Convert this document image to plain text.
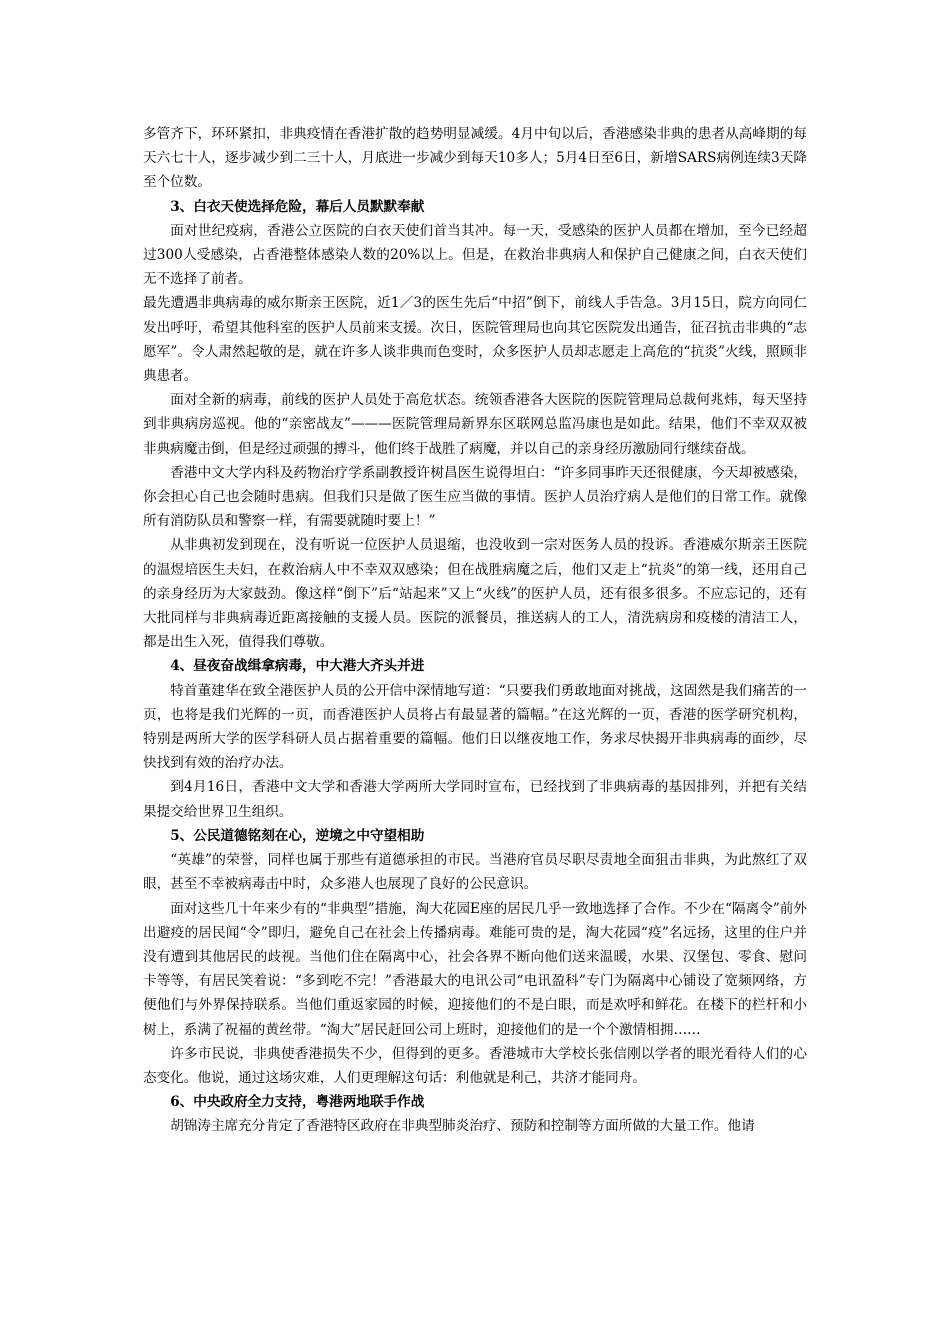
多管齐下，环环紧扣，非典疫情在香港扩散的趋势明显减缓。4月中旬以后，香港感染非典的患者从高峰期的每天六七十人，逐步减少到二三十人，月底进一步减少到每天10多人；5月4日至6日，新增SARS病例连续3天降至个位数。

3、白衣天使选择危险，幕后人员默默奉献

面对世纪疫病，香港公立医院的白衣天使们首当其冲。每一天，受感染的医护人员都在增加，至今已经超过300人受感染，占香港整体感染人数的20%以上。但是，在救治非典病人和保护自己健康之间，白衣天使们无不选择了前者。

最先遭遇非典病毒的威尔斯亲王医院，近1／3的医生先后“中招”倒下，前线人手告急。3月15日，院方向同仁发出呼吁，希望其他科室的医护人员前来支援。次日，医院管理局也向其它医院发出通告，征召抗击非典的“志愿军”。令人肃然起敬的是，就在许多人谈非典而色变时，众多医护人员却志愿走上高危的“抗炎”火线，照顾非典患者。

面对全新的病毒，前线的医护人员处于高危状态。统领香港各大医院的医院管理局总裁何兆炜，每天坚持到非典病房巡视。他的“亲密战友”———医院管理局新界东区联网总监冯康也是如此。结果，他们不幸双双被非典病魔击倒，但是经过顽强的搏斗，他们终于战胜了病魔，并以自己的亲身经历激励同行继续奋战。

香港中文大学内科及药物治疗学系副教授许树昌医生说得坦白：“许多同事昨天还很健康，今天却被感染，你会担心自己也会随时患病。但我们只是做了医生应当做的事情。医护人员治疗病人是他们的日常工作。就像所有消防队员和警察一样，有需要就随时要上！”

从非典初发到现在，没有听说一位医护人员退缩，也没收到一宗对医务人员的投诉。香港威尔斯亲王医院的温煜培医生夫妇，在救治病人中不幸双双感染；但在战胜病魔之后，他们又走上“抗炎”的第一线，还用自己的亲身经历为大家鼓劲。像这样“倒下”后“站起来”又上“火线”的医护人员，还有很多很多。不应忘记的，还有大批同样与非典病毒近距离接触的支援人员。医院的派餐员，推送病人的工人，清洗病房和疫楼的清洁工人，都是出生入死，值得我们尊敬。

4、昼夜奋战缉拿病毒，中大港大齐头并进

特首董建华在致全港医护人员的公开信中深情地写道：“只要我们勇敢地面对挑战，这固然是我们痛苦的一页，也将是我们光辉的一页，而香港医护人员将占有最显著的篇幅。”在这光辉的一页，香港的医学研究机构，特别是两所大学的医学科研人员占据着重要的篇幅。他们日以继夜地工作，务求尽快揭开非典病毒的面纱，尽快找到有效的治疗办法。

到4月16日，香港中文大学和香港大学两所大学同时宣布，已经找到了非典病毒的基因排列，并把有关结果提交给世界卫生组织。

5、公民道德铭刻在心，逆境之中守望相助

“英雄”的荣誉，同样也属于那些有道德承担的市民。当港府官员尽职尽责地全面狙击非典，为此熬红了双眼，甚至不幸被病毒击中时，众多港人也展现了良好的公民意识。

面对这些几十年来少有的“非典型”措施，淘大花园E座的居民几乎一致地选择了合作。不少在“隔离令”前外出避疫的居民闻“令”即归，避免自己在社会上传播病毒。难能可贵的是，淘大花园“疫”名远扬，这里的住户并没有遭到其他居民的歧视。当他们住在隔离中心，社会各界不断向他们送来温暖，水果、汉堡包、零食、慰问卡等等，有居民笑着说：“多到吃不完！”香港最大的电讯公司“电讯盈科”专门为隔离中心铺设了宽频网络，方便他们与外界保持联系。当他们重返家园的时候，迎接他们的不是白眼，而是欢呼和鲜花。在楼下的栏杆和小树上，系满了祝福的黄丝带。“淘大”居民赶回公司上班时，迎接他们的是一个个激情相拥……

许多市民说，非典使香港损失不少，但得到的更多。香港城市大学校长张信刚以学者的眼光看待人们的心态变化。他说，通过这场灾难，人们更理解这句话：利他就是利己，共济才能同舟。

6、中央政府全力支持，粤港两地联手作战

胡锦涛主席充分肯定了香港特区政府在非典型肺炎治疗、预防和控制等方面所做的大量工作。他请
